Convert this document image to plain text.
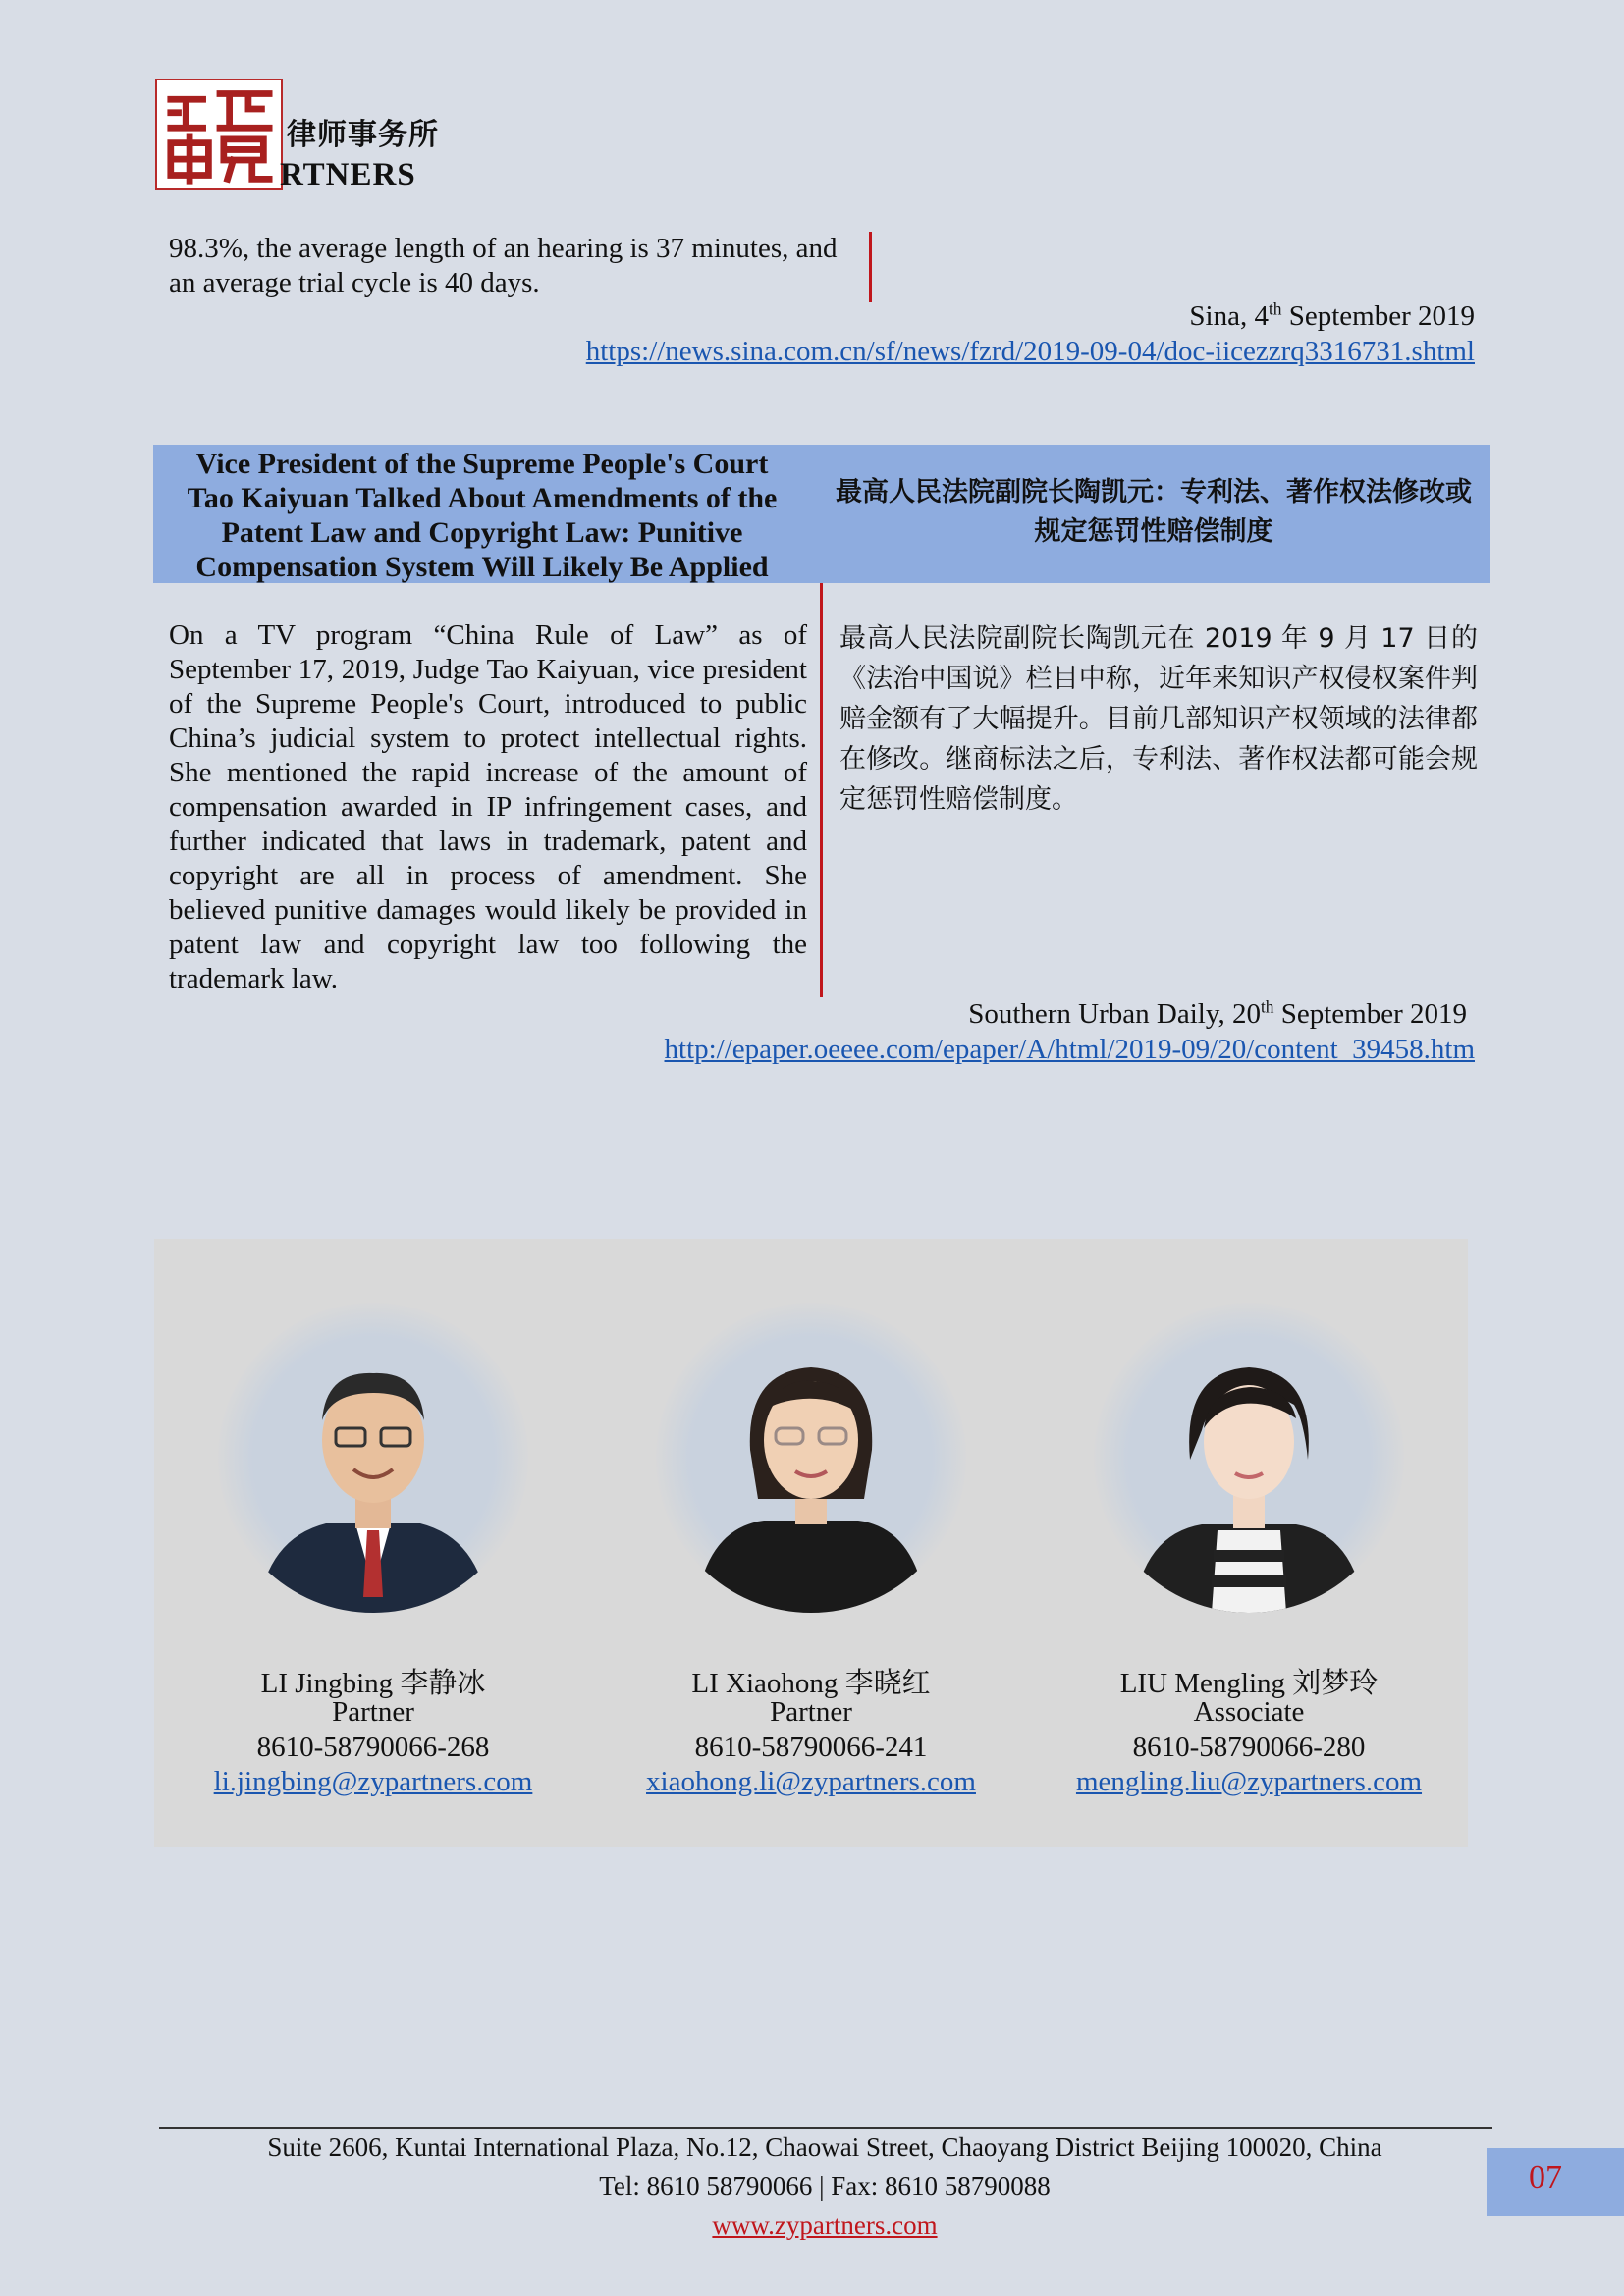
律师事务所
RTNERS
98.3%, the average length of an hearing is 37 minutes, and an average trial cycle is 40 days.
Sina, 4th September 2019
https://news.sina.com.cn/sf/news/fzrd/2019-09-04/doc-iicezzrq3316731.shtml
Vice President of the Supreme People's Court Tao Kaiyuan Talked About Amendments of the Patent Law and Copyright Law: Punitive Compensation System Will Likely Be Applied
最高人民法院副院长陶凯元：专利法、著作权法修改或规定惩罚性赔偿制度
On a TV program “China Rule of Law” as of September 17, 2019, Judge Tao Kaiyuan, vice president of the Supreme People's Court, introduced to public China’s judicial system to protect intellectual rights. She mentioned the rapid increase of the amount of compensation awarded in IP infringement cases, and further indicated that laws in trademark, patent and copyright are all in process of amendment. She believed punitive damages would likely be provided in patent law and copyright law too following the trademark law.
最高人民法院副院长陶凯元在 2019 年 9 月 17 日的《法治中国说》栏目中称，近年来知识产权侵权案件判赔金额有了大幅提升。目前几部知识产权领域的法律都在修改。继商标法之后，专利法、著作权法都可能会规定惩罚性赔偿制度。
Southern Urban Daily, 20th September 2019
http://epaper.oeeee.com/epaper/A/html/2019-09/20/content_39458.htm
LI Jingbing 李静冰
Partner
8610-58790066-268
li.jingbing@zypartners.com
LI Xiaohong 李晓红
Partner
8610-58790066-241
xiaohong.li@zypartners.com
LIU Mengling 刘梦玲
Associate
8610-58790066-280
mengling.liu@zypartners.com
Suite 2606, Kuntai International Plaza, No.12, Chaowai Street, Chaoyang District Beijing 100020, China
Tel: 8610 58790066 | Fax: 8610 58790088
www.zypartners.com
07
